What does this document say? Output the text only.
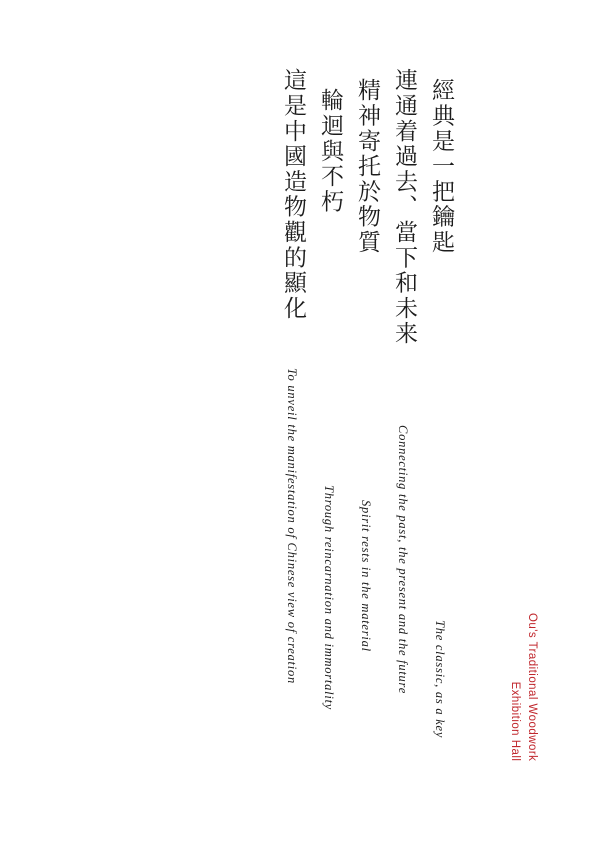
經典是一把鑰匙
連通着過去、當下和未来
精神寄托於物質
輪迴與不朽
這是中國造物觀的顯化
The classic, as a key
Connecting the past, the present and the future
Spirit rests in the material
Through reincarnation and immortality
To unveil the manifestation of Chinese view of creation
Ou's Traditional Woodwork
Exhibition Hall
